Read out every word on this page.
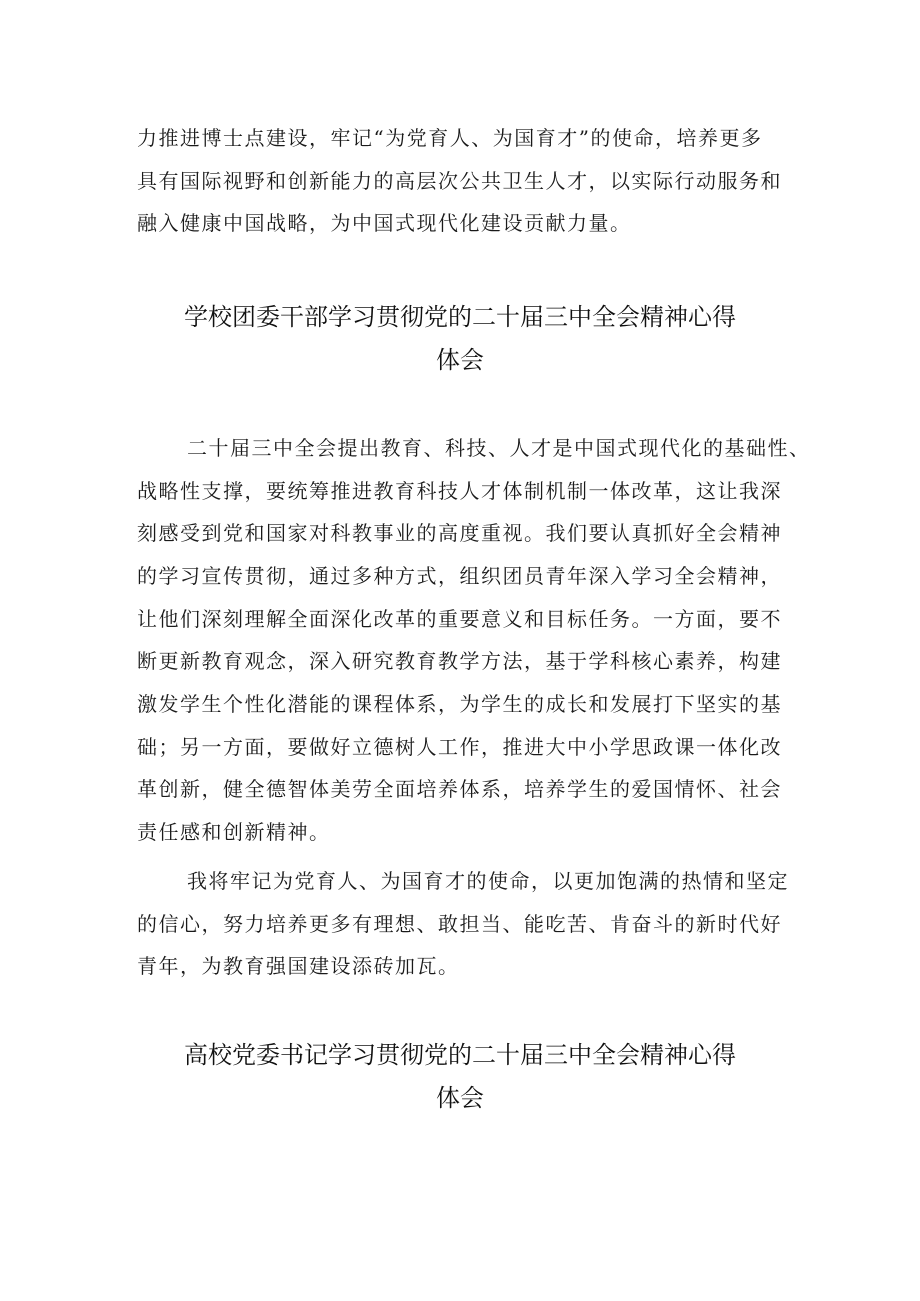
力推进博士点建设，牢记“为党育人、为国育才”的使命，培养更多
具有国际视野和创新能力的高层次公共卫生人才，以实际行动服务和
融入健康中国战略，为中国式现代化建设贡献力量。
学校团委干部学习贯彻党的二十届三中全会精神心得
体会
二十届三中全会提出教育、科技、人才是中国式现代化的基础性、
战略性支撑，要统筹推进教育科技人才体制机制一体改革，这让我深
刻感受到党和国家对科教事业的高度重视。我们要认真抓好全会精神
的学习宣传贯彻，通过多种方式，组织团员青年深入学习全会精神，
让他们深刻理解全面深化改革的重要意义和目标任务。一方面，要不
断更新教育观念，深入研究教育教学方法，基于学科核心素养，构建
激发学生个性化潜能的课程体系，为学生的成长和发展打下坚实的基
础；另一方面，要做好立德树人工作，推进大中小学思政课一体化改
革创新，健全德智体美劳全面培养体系，培养学生的爱国情怀、社会
责任感和创新精神。
我将牢记为党育人、为国育才的使命，以更加饱满的热情和坚定
的信心，努力培养更多有理想、敢担当、能吃苦、肯奋斗的新时代好
青年，为教育强国建设添砖加瓦。
高校党委书记学习贯彻党的二十届三中全会精神心得
体会
